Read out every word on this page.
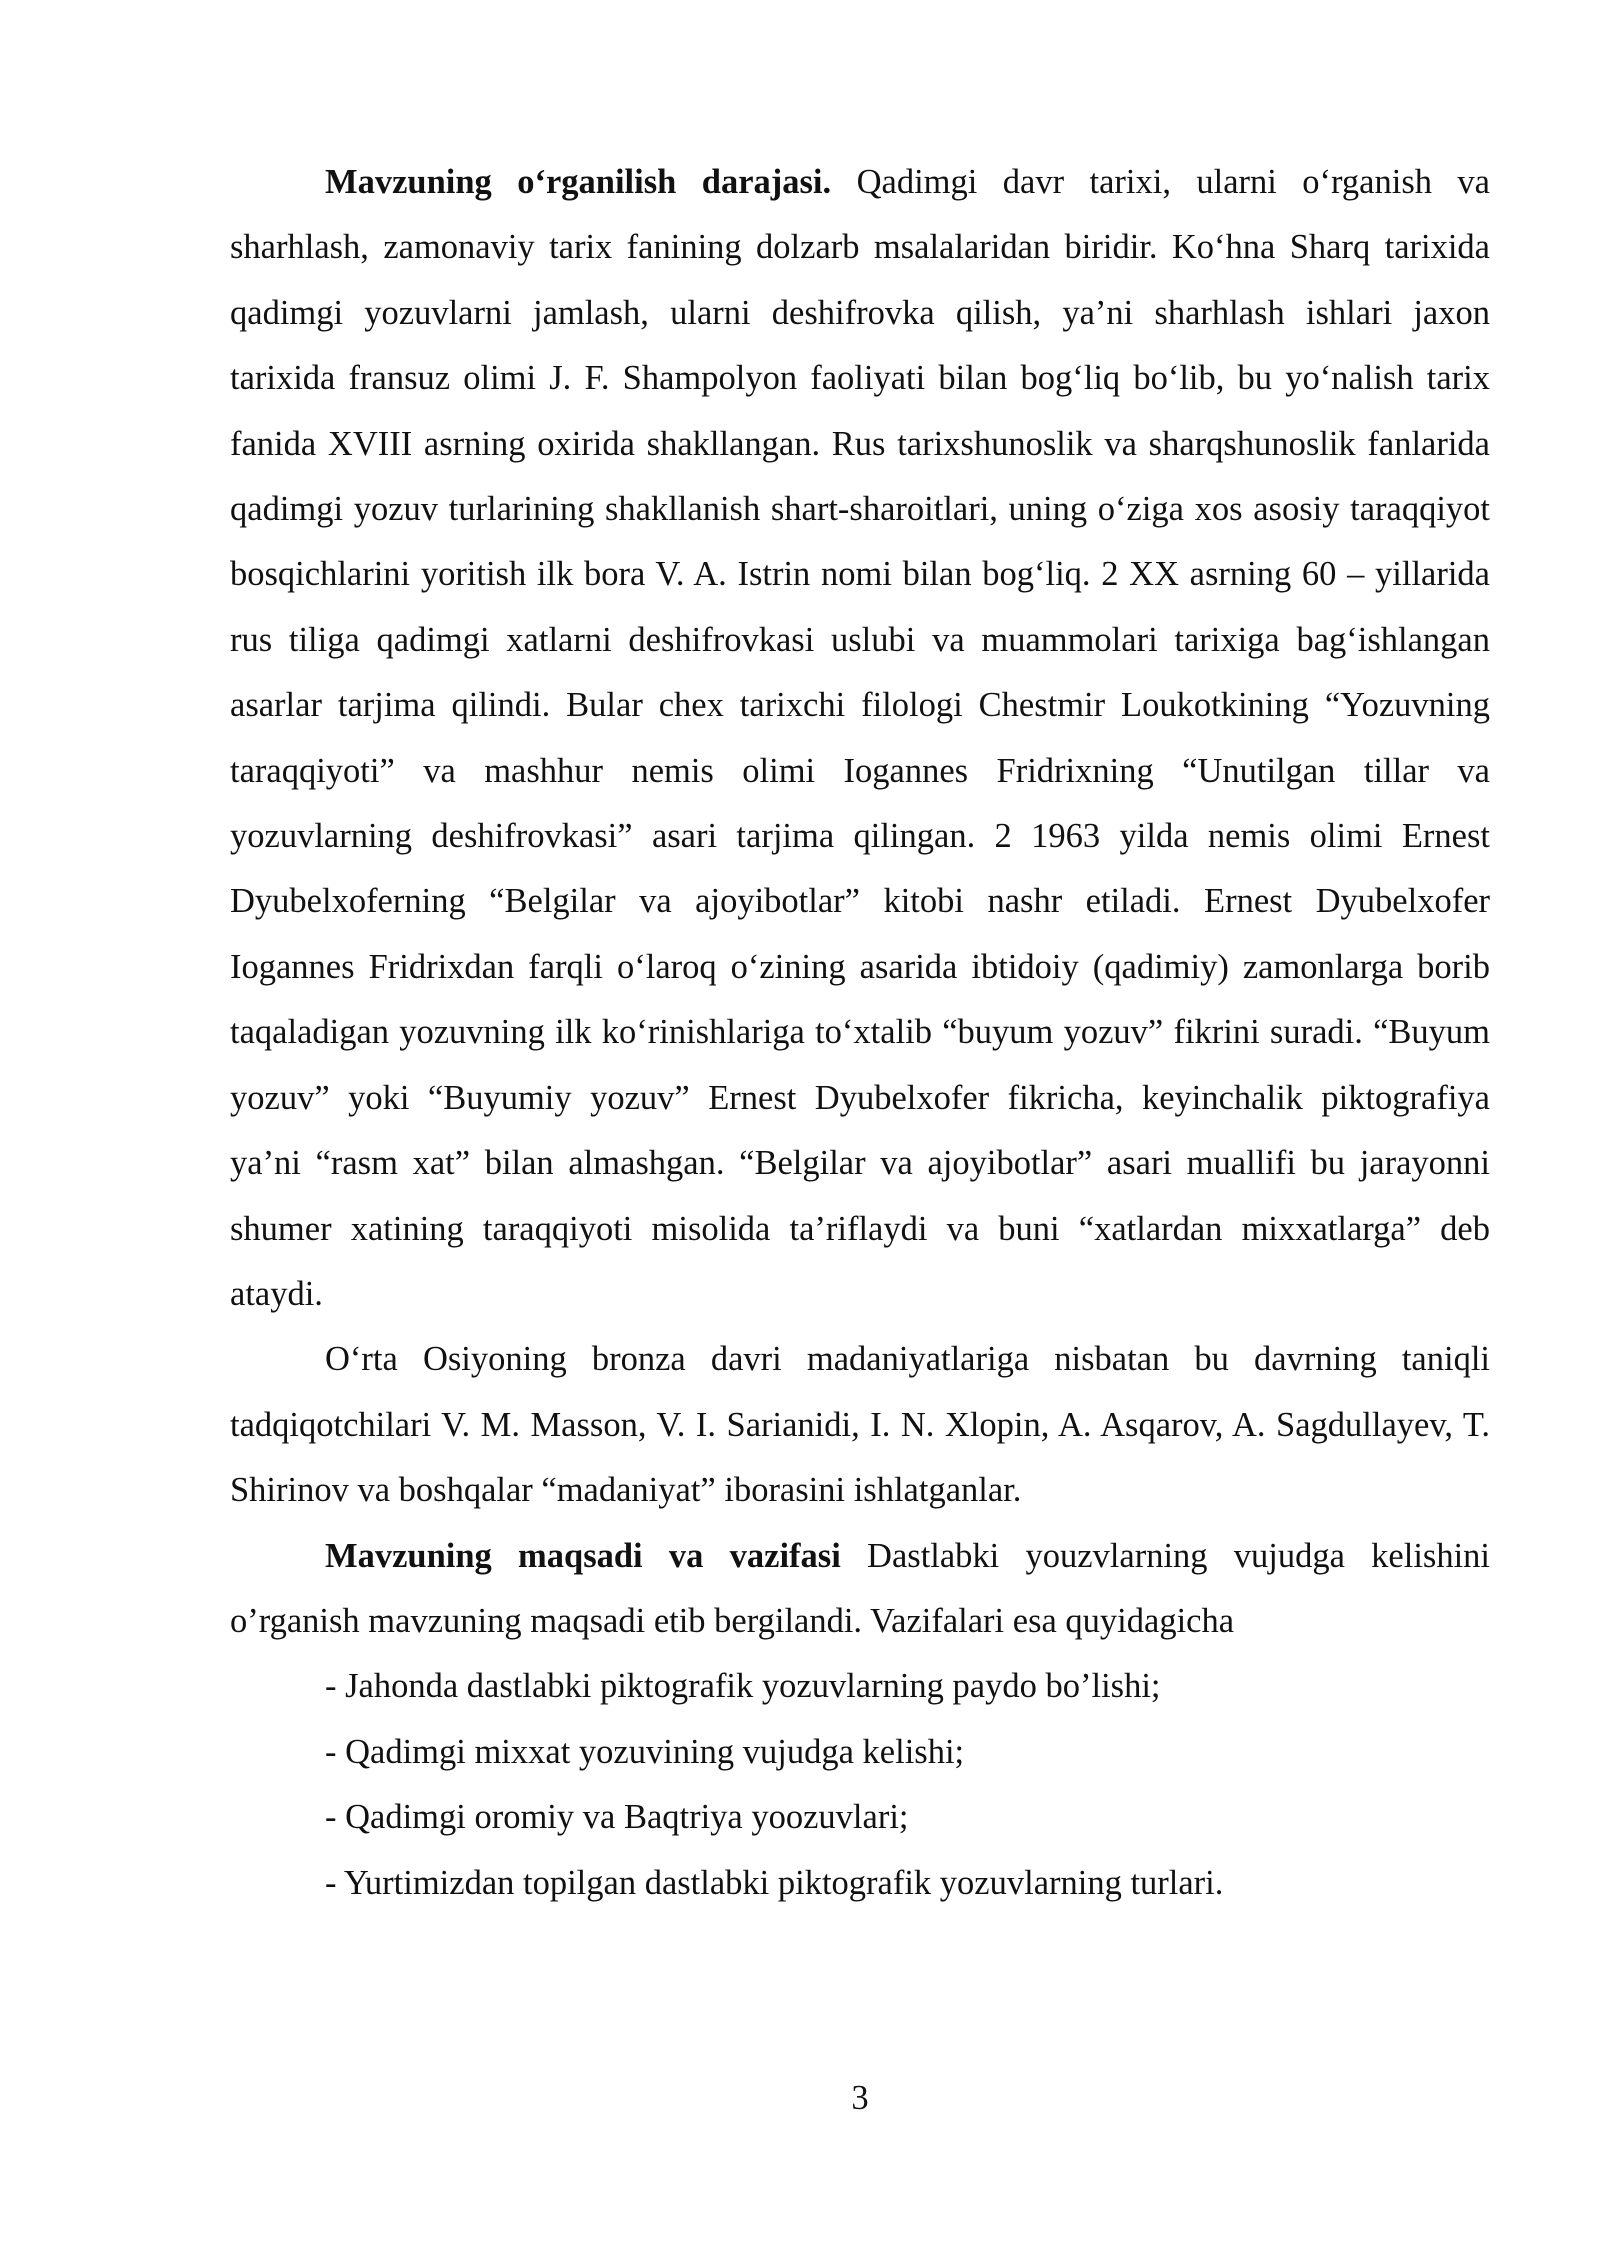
Mavzuning o‘rganilish darajasi. Qadimgi davr tarixi, ularni o‘rganish va sharhlash, zamonaviy tarix fanining dolzarb msalalaridan biridir. Ko‘hna Sharq tarixida qadimgi yozuvlarni jamlash, ularni deshifrovka qilish, ya’ni sharhlash ishlari jaxon tarixida fransuz olimi J. F. Shampolyon faoliyati bilan bog‘liq bo‘lib, bu yo‘nalish tarix fanida XVIII asrning oxirida shakllangan. Rus tarixshunoslik va sharqshunoslik fanlarida qadimgi yozuv turlarining shakllanish shart-sharoitlari, uning o‘ziga xos asosiy taraqqiyot bosqichlarini yoritish ilk bora V. A. Istrin nomi bilan bog‘liq. 2 XX asrning 60 – yillarida rus tiliga qadimgi xatlarni deshifrovkasi uslubi va muammolari tarixiga bag‘ishlangan asarlar tarjima qilindi. Bular chex tarixchi filologi Chestmir Loukotkining “Yozuvning taraqqiyoti” va mashhur nemis olimi Iogannes Fridrixning “Unutilgan tillar va yozuvlarning deshifrovkasi” asari tarjima qilingan. 2 1963 yilda nemis olimi Ernest Dyubelxoferning “Belgilar va ajoyibotlar” kitobi nashr etiladi. Ernest Dyubelxofer Iogannes Fridrixdan farqli o‘laroq o‘zining asarida ibtidoiy (qadimiy) zamonlarga borib taqaladigan yozuvning ilk ko‘rinishlariga to‘xtalib “buyum yozuv” fikrini suradi. “Buyum yozuv” yoki “Buyumiy yozuv” Ernest Dyubelxofer fikricha, keyinchalik piktografiya ya’ni “rasm xat” bilan almashgan. “Belgilar va ajoyibotlar” asari muallifi bu jarayonni shumer xatining taraqqiyoti misolida ta’riflaydi va buni “xatlardan mixxatlarga” deb ataydi.

O‘rta Osiyoning bronza davri madaniyatlariga nisbatan bu davrning taniqli tadqiqotchilari V. M. Masson, V. I. Sarianidi, I. N. Xlopin, A. Asqarov, A. Sagdullayev, T. Shirinov va boshqalar “madaniyat” iborasini ishlatganlar.

Mavzuning maqsadi va vazifasi Dastlabki youzvlarning vujudga kelishini o’rganish mavzuning maqsadi etib bergilandi. Vazifalari esa quyidagicha

- Jahonda dastlabki piktografik yozuvlarning paydo bo’lishi;
- Qadimgi mixxat yozuvining vujudga kelishi;
- Qadimgi oromiy va Baqtriya yoozuvlari;
- Yurtimizdan topilgan dastlabki piktografik yozuvlarning turlari.
3
